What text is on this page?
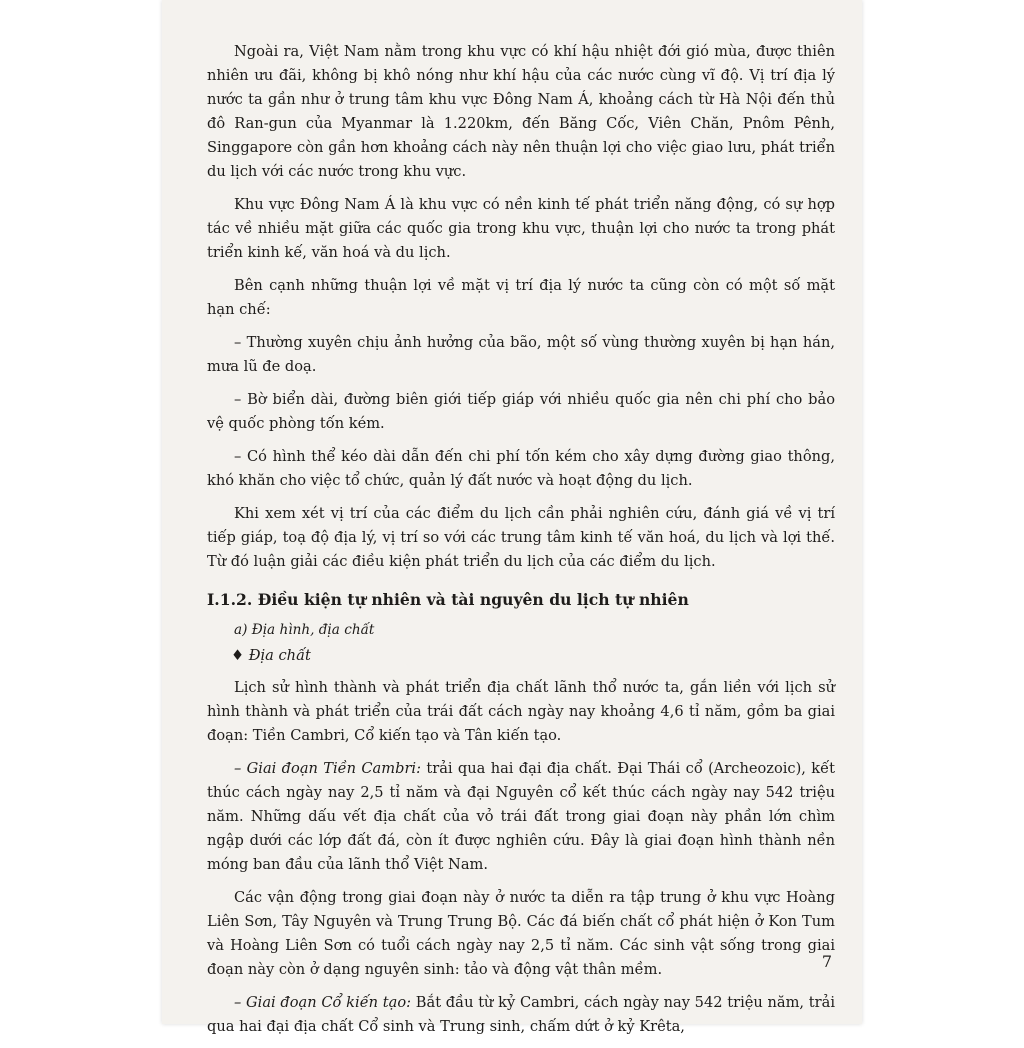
Ngoài ra, Việt Nam nằm trong khu vực có khí hậu nhiệt đới gió mùa, được thiên nhiên ưu đãi, không bị khô nóng như khí hậu của các nước cùng vĩ độ. Vị trí địa lý nước ta gần như ở trung tâm khu vực Đông Nam Á, khoảng cách từ Hà Nội đến thủ đô Ran-gun của Myanmar là 1.220km, đến Băng Cốc, Viên Chăn, Pnôm Pênh, Singgapore còn gần hơn khoảng cách này nên thuận lợi cho việc giao lưu, phát triển du lịch với các nước trong khu vực.

Khu vực Đông Nam Á là khu vực có nền kinh tế phát triển năng động, có sự hợp tác về nhiều mặt giữa các quốc gia trong khu vực, thuận lợi cho nước ta trong phát triển kinh kế, văn hoá và du lịch.

Bên cạnh những thuận lợi về mặt vị trí địa lý nước ta cũng còn có một số mặt hạn chế:

– Thường xuyên chịu ảnh hưởng của bão, một số vùng thường xuyên bị hạn hán, mưa lũ đe doạ.

– Bờ biển dài, đường biên giới tiếp giáp với nhiều quốc gia nên chi phí cho bảo vệ quốc phòng tốn kém.

– Có hình thể kéo dài dẫn đến chi phí tốn kém cho xây dựng đường giao thông, khó khăn cho việc tổ chức, quản lý đất nước và hoạt động du lịch.

Khi xem xét vị trí của các điểm du lịch cần phải nghiên cứu, đánh giá về vị trí tiếp giáp, toạ độ địa lý, vị trí so với các trung tâm kinh tế văn hoá, du lịch và lợi thế. Từ đó luận giải các điều kiện phát triển du lịch của các điểm du lịch.

I.1.2. Điều kiện tự nhiên và tài nguyên du lịch tự nhiên

a) Địa hình, địa chất

♦ Địa chất

Lịch sử hình thành và phát triển địa chất lãnh thổ nước ta, gắn liền với lịch sử hình thành và phát triển của trái đất cách ngày nay khoảng 4,6 tỉ năm, gồm ba giai đoạn: Tiền Cambri, Cổ kiến tạo và Tân kiến tạo.

– Giai đoạn Tiền Cambri: trải qua hai đại địa chất. Đại Thái cổ (Archeozoic), kết thúc cách ngày nay 2,5 tỉ năm và đại Nguyên cổ kết thúc cách ngày nay 542 triệu năm. Những dấu vết địa chất của vỏ trái đất trong giai đoạn này phần lớn chìm ngập dưới các lớp đất đá, còn ít được nghiên cứu. Đây là giai đoạn hình thành nền móng ban đầu của lãnh thổ Việt Nam.

Các vận động trong giai đoạn này ở nước ta diễn ra tập trung ở khu vực Hoàng Liên Sơn, Tây Nguyên và Trung Trung Bộ. Các đá biến chất cổ phát hiện ở Kon Tum và Hoàng Liên Sơn có tuổi cách ngày nay 2,5 tỉ năm. Các sinh vật sống trong giai đoạn này còn ở dạng nguyên sinh: tảo và động vật thân mềm.

– Giai đoạn Cổ kiến tạo: Bắt đầu từ kỷ Cambri, cách ngày nay 542 triệu năm, trải qua hai đại địa chất Cổ sinh và Trung sinh, chấm dứt ở kỷ Krêta,

7
